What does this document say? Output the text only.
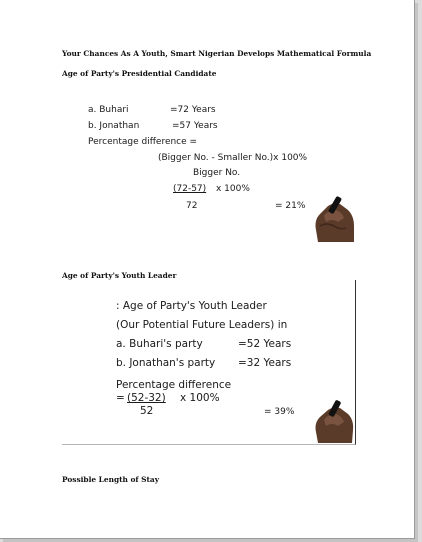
Your Chances As A Youth, Smart Nigerian Develops Mathematical Formula
Age of Party's Presidential Candidate
a. Buhari	=72 Years
b. Jonathan	=57 Years
Percentage difference =
(Bigger No. - Smaller No.)x 100%
Bigger No.
(72-57) x 100%
72	= 21%
Age of Party's Youth Leader
: Age of Party's Youth Leader
(Our Potential Future Leaders) in
a. Buhari's party	=52 Years
b. Jonathan's party =32 Years
Percentage difference
= (52-32) x 100%
52	= 39%
Possible Length of Stay
